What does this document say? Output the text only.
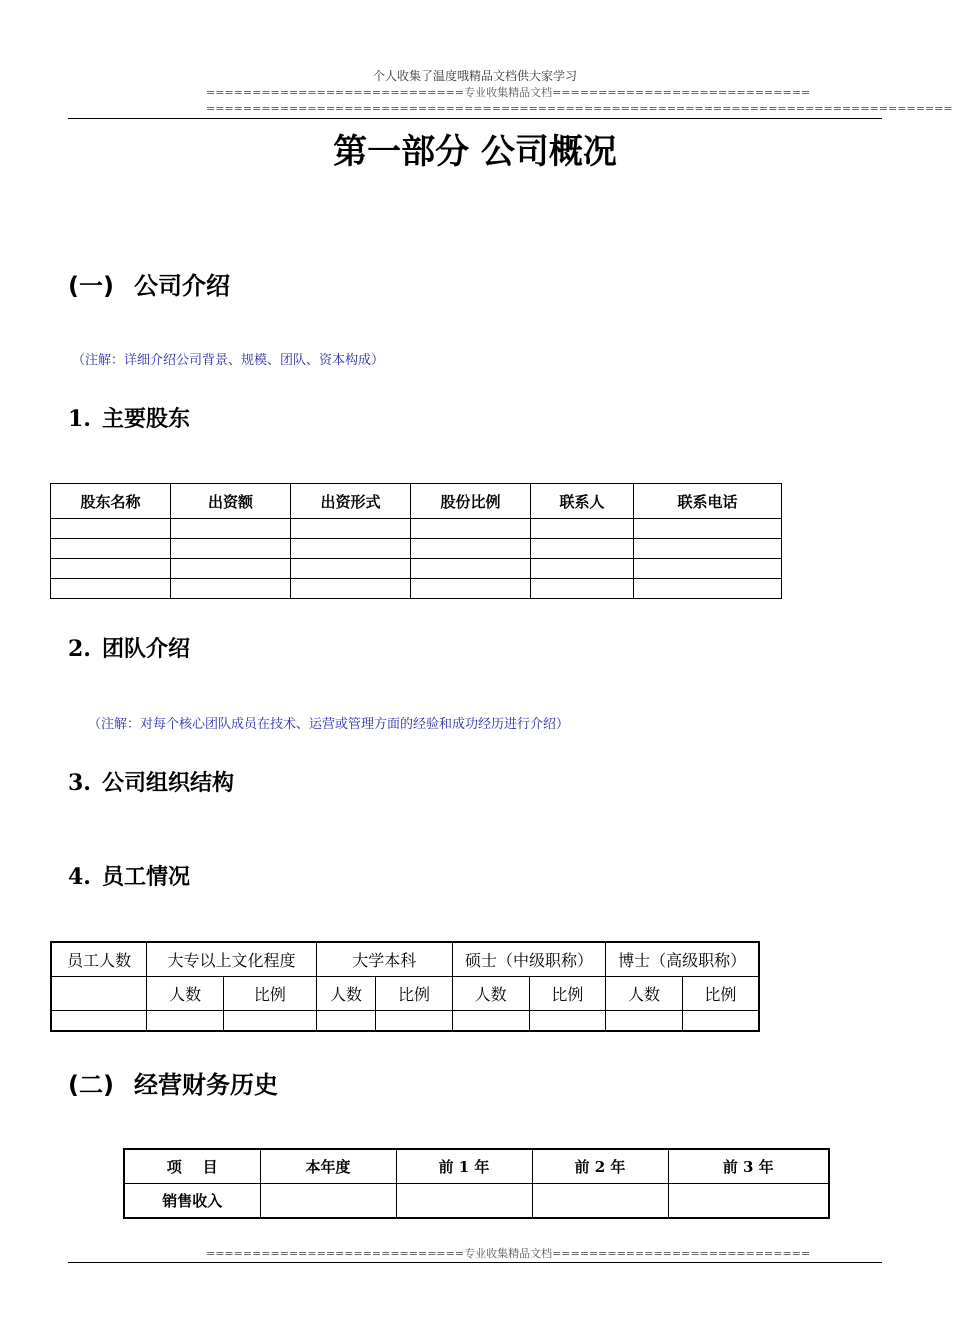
个人收集了温度哦精品文档供大家学习
============================专业收集精品文档============================
=================================================================================
第一部分 公司概况
(一) 公司介绍
（注解：详细介绍公司背景、规模、团队、资本构成）
1. 主要股东
股东名称	出资额	出资形式	股份比例	联系人	联系电话

2. 团队介绍
（注解：对每个核心团队成员在技术、运营或管理方面的经验和成功经历进行介绍）
3. 公司组织结构
4. 员工情况
员工人数	大专以上文化程度		大学本科		硕士（中级职称）		博士（高级职称）	
	人数	比例	人数	比例	人数	比例	人数	比例

(二) 经营财务历史
项    目	本年度	前 1 年	前 2 年	前 3 年
销售收入				
============================专业收集精品文档============================
